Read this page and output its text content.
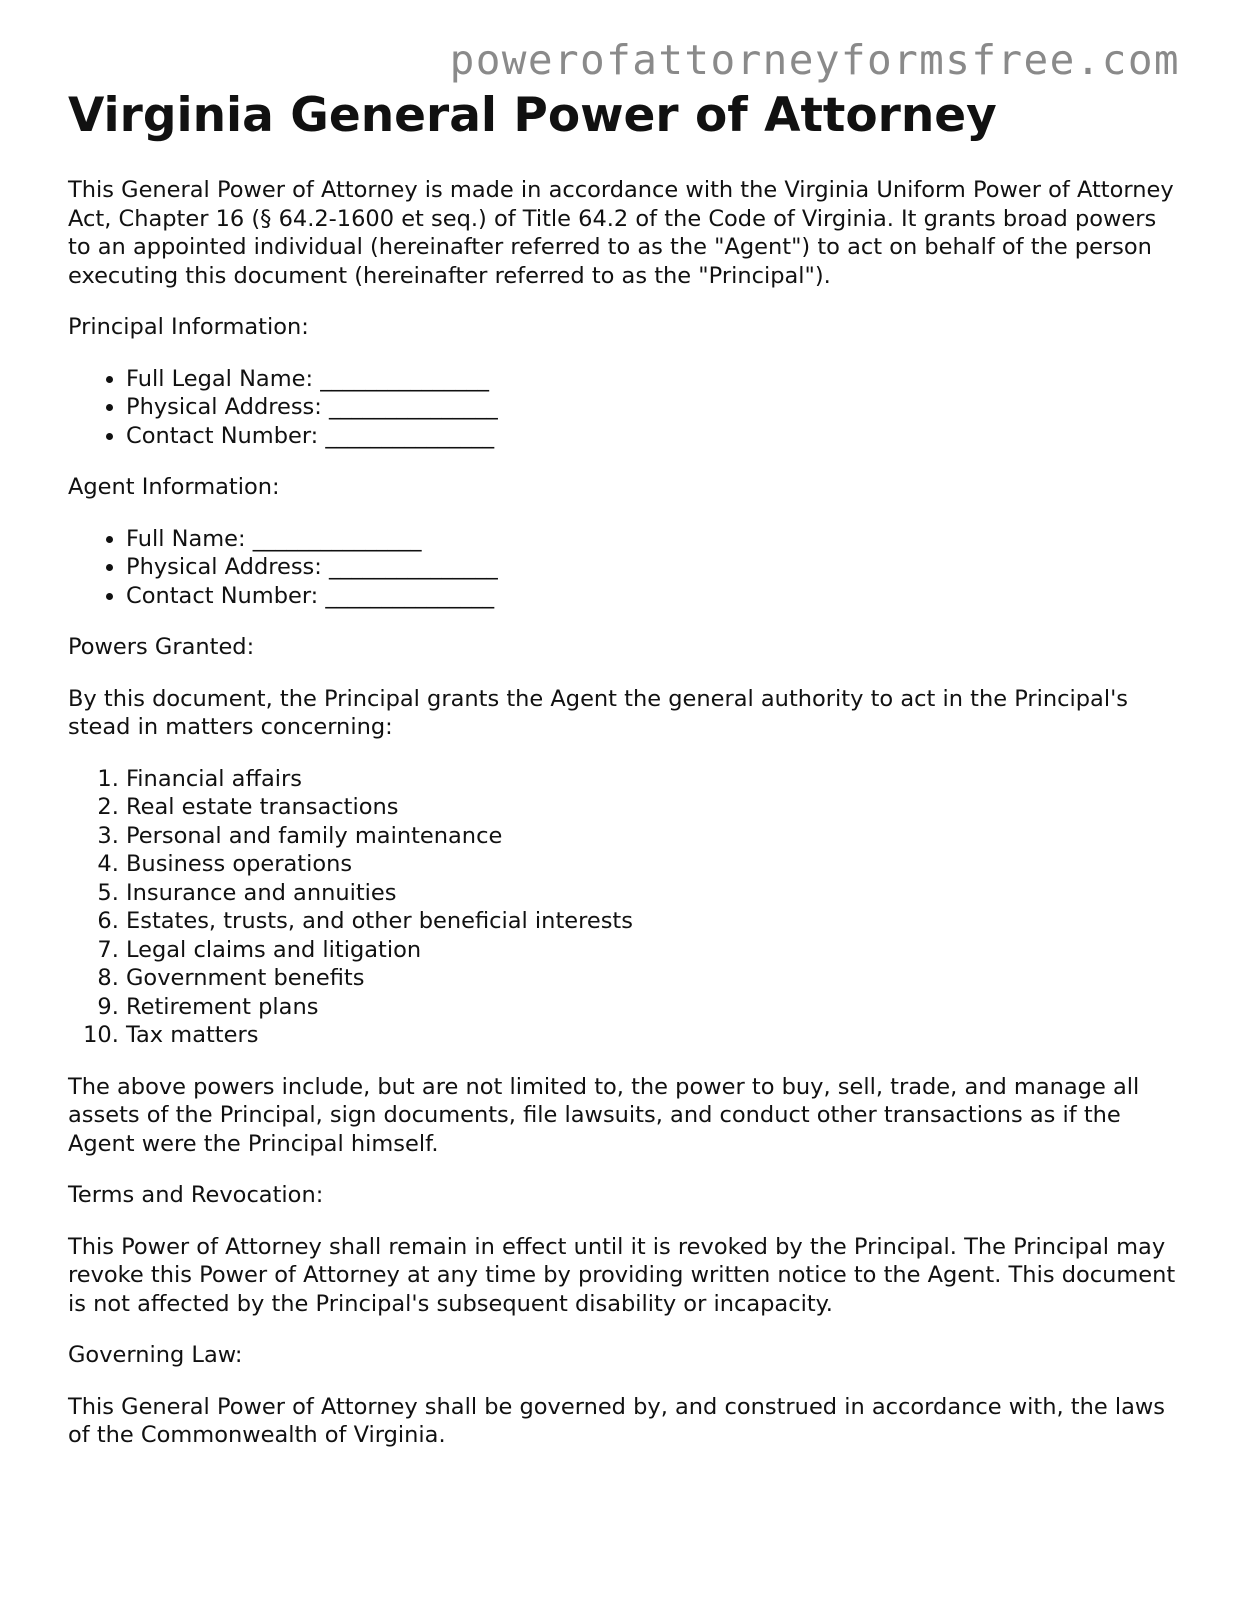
powerofattorneyformsfree.com
Virginia General Power of Attorney

This General Power of Attorney is made in accordance with the Virginia Uniform Power of Attorney Act, Chapter 16 (§ 64.2-1600 et seq.) of Title 64.2 of the Code of Virginia. It grants broad powers to an appointed individual (hereinafter referred to as the "Agent") to act on behalf of the person executing this document (hereinafter referred to as the "Principal").

Principal Information:

• Full Legal Name: _______________
• Physical Address: _______________
• Contact Number: _______________

Agent Information:

• Full Name: _______________
• Physical Address: _______________
• Contact Number: _______________

Powers Granted:

By this document, the Principal grants the Agent the general authority to act in the Principal's stead in matters concerning:

1. Financial affairs
2. Real estate transactions
3. Personal and family maintenance
4. Business operations
5. Insurance and annuities
6. Estates, trusts, and other beneficial interests
7. Legal claims and litigation
8. Government benefits
9. Retirement plans
10. Tax matters

The above powers include, but are not limited to, the power to buy, sell, trade, and manage all assets of the Principal, sign documents, file lawsuits, and conduct other transactions as if the Agent were the Principal himself.

Terms and Revocation:

This Power of Attorney shall remain in effect until it is revoked by the Principal. The Principal may revoke this Power of Attorney at any time by providing written notice to the Agent. This document is not affected by the Principal's subsequent disability or incapacity.

Governing Law:

This General Power of Attorney shall be governed by, and construed in accordance with, the laws of the Commonwealth of Virginia.
